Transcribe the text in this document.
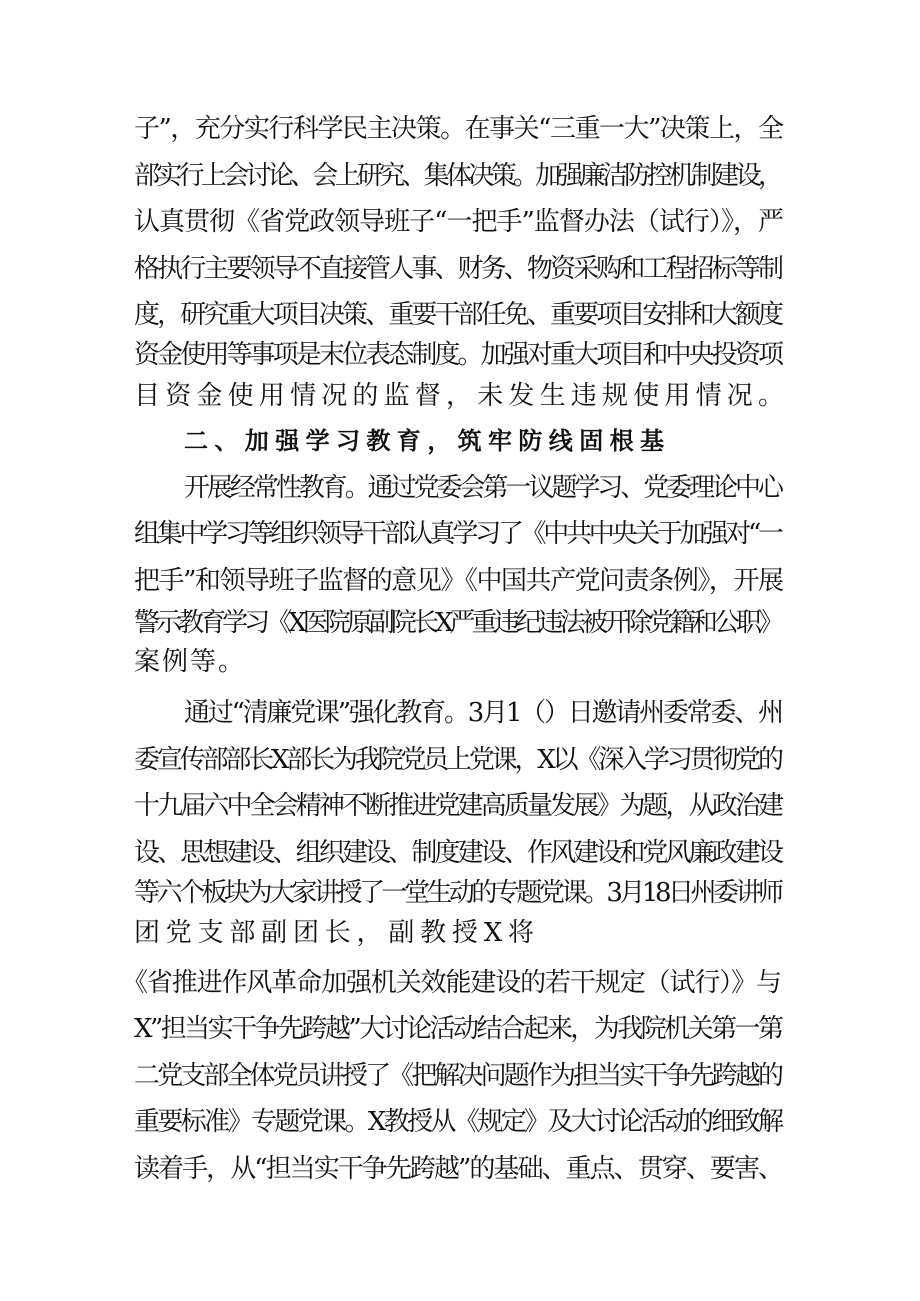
子”，充分实行科学民主决策。在事关“三重一大”决策上，全
部实行上会讨论、会上研究、集体决策。加强廉洁防控机制建设，
认真贯彻《省党政领导班子“一把手”监督办法（试行）》，严
格执行主要领导不直接管人事、财务、物资采购和工程招标等制
度，研究重大项目决策、重要干部任免、重要项目安排和大额度
资金使用等事项是末位表态制度。加强对重大项目和中央投资项
目资金使用情况的监督，未发生违规使用情况。
二、加强学习教育，筑牢防线固根基
开展经常性教育。通过党委会第一议题学习、党委理论中心
组集中学习等组织领导干部认真学习了《中共中央关于加强对“一
把手”和领导班子监督的意见》《中国共产党问责条例》，开展
警示教育学习《X医院原副院长X严重违纪违法被开除党籍和公职》
案例等。
通过“清廉党课”强化教育。3月1（）日邀请州委常委、州
委宣传部部长X部长为我院党员上党课，X以《深入学习贯彻党的
十九届六中全会精神不断推进党建高质量发展》为题，从政治建
设、思想建设、组织建设、制度建设、作风建设和党风廉政建设
等六个板块为大家讲授了一堂生动的专题党课。3月18日州委讲师
团党支部副团长，副教授X将
《省推进作风革命加强机关效能建设的若干规定（试行）》与
X”担当实干争先跨越”大讨论活动结合起来，为我院机关第一第
二党支部全体党员讲授了《把解决问题作为担当实干争先跨越的
重要标准》专题党课。X教授从《规定》及大讨论活动的细致解
读着手，从“担当实干争先跨越”的基础、重点、贯穿、要害、
